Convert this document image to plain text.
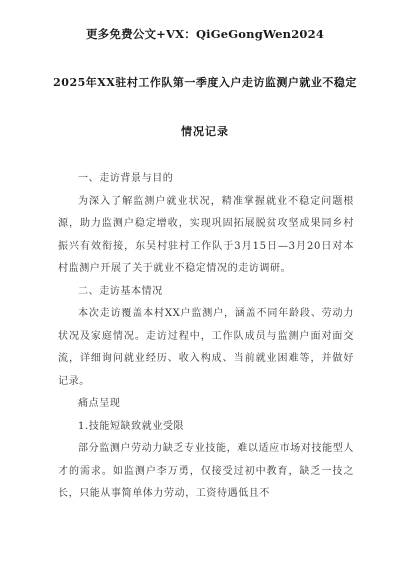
更多免费公文+VX：QiGeGongWen2024
2025年XX驻村工作队第一季度入户走访监测户就业不稳定
情况记录

一、走访背景与目的

为深入了解监测户就业状况，精准掌握就业不稳定问题根源，助力监测户稳定增收，实现巩固拓展脱贫攻坚成果同乡村振兴有效衔接，东吴村驻村工作队于3月15日—3月20日对本村监测户开展了关于就业不稳定情况的走访调研。

二、走访基本情况

本次走访覆盖本村XX户监测户，涵盖不同年龄段、劳动力状况及家庭情况。走访过程中，工作队成员与监测户面对面交流，详细询问就业经历、收入构成、当前就业困难等，并做好记录。

痛点呈现

1.技能短缺致就业受限

部分监测户劳动力缺乏专业技能，难以适应市场对技能型人才的需求。如监测户李万勇，仅接受过初中教育，缺乏一技之长，只能从事简单体力劳动，工资待遇低且不
